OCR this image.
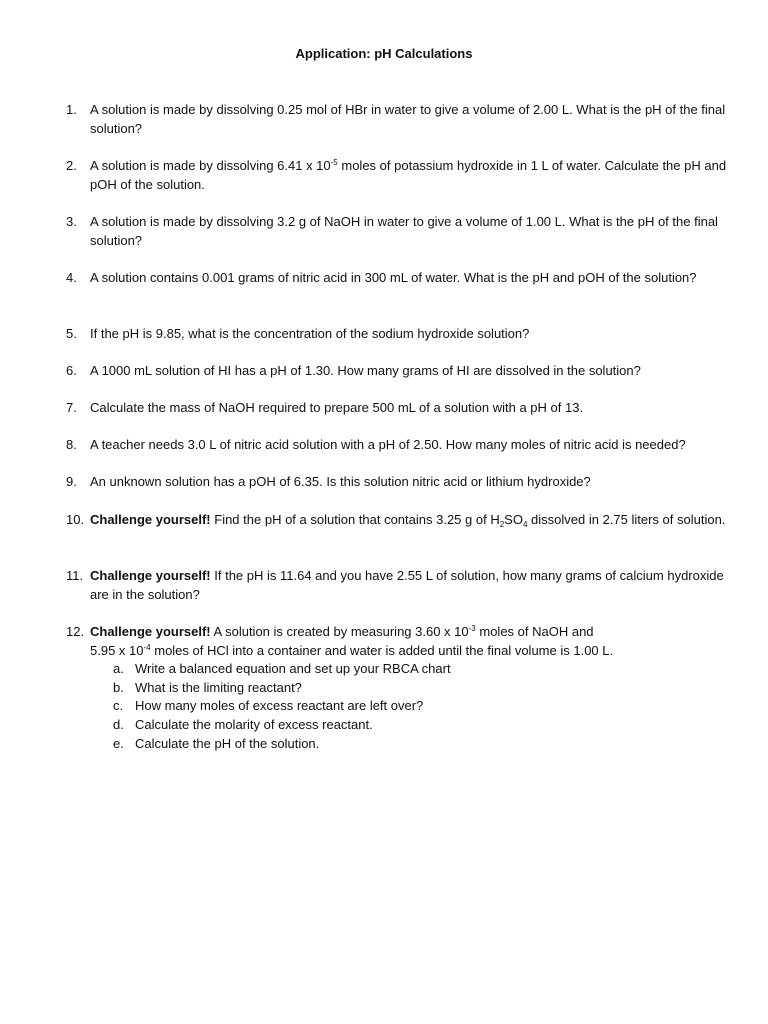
Application: pH Calculations
1.	A solution is made by dissolving 0.25 mol of HBr in water to give a volume of 2.00 L. What is the pH of the final solution?
2.	A solution is made by dissolving 6.41 x $10^{-5}$ moles of potassium hydroxide in 1 L of water. Calculate the pH and pOH of the solution.
3.	A solution is made by dissolving 3.2 g of NaOH in water to give a volume of 1.00 L. What is the pH of the final solution?
4.	A solution contains 0.001 grams of nitric acid in 300 mL of water. What is the pH and pOH of the solution?
5.	If the pH is 9.85, what is the concentration of the sodium hydroxide solution?
6.	A 1000 mL solution of HI has a pH of 1.30. How many grams of HI are dissolved in the solution?
7.	Calculate the mass of NaOH required to prepare 500 mL of a solution with a pH of 13.
8.	A teacher needs 3.0 L of nitric acid solution with a pH of 2.50. How many moles of nitric acid is needed?
9.	An unknown solution has a pOH of 6.35. Is this solution nitric acid or lithium hydroxide?
10. Challenge yourself! Find the pH of a solution that contains 3.25 g of $H_2SO_4$ dissolved in 2.75 liters of solution.
11. Challenge yourself! If the pH is 11.64 and you have 2.55 L of solution, how many grams of calcium hydroxide are in the solution?
12. Challenge yourself! A solution is created by measuring 3.60 x $10^{-3}$ moles of NaOH and
5.95 x $10^{-4}$ moles of HCl into a container and water is added until the final volume is 1.00 L.
a. Write a balanced equation and set up your RBCA chart
b. What is the limiting reactant?
c. How many moles of excess reactant are left over?
d. Calculate the molarity of excess reactant.
e. Calculate the pH of the solution.
